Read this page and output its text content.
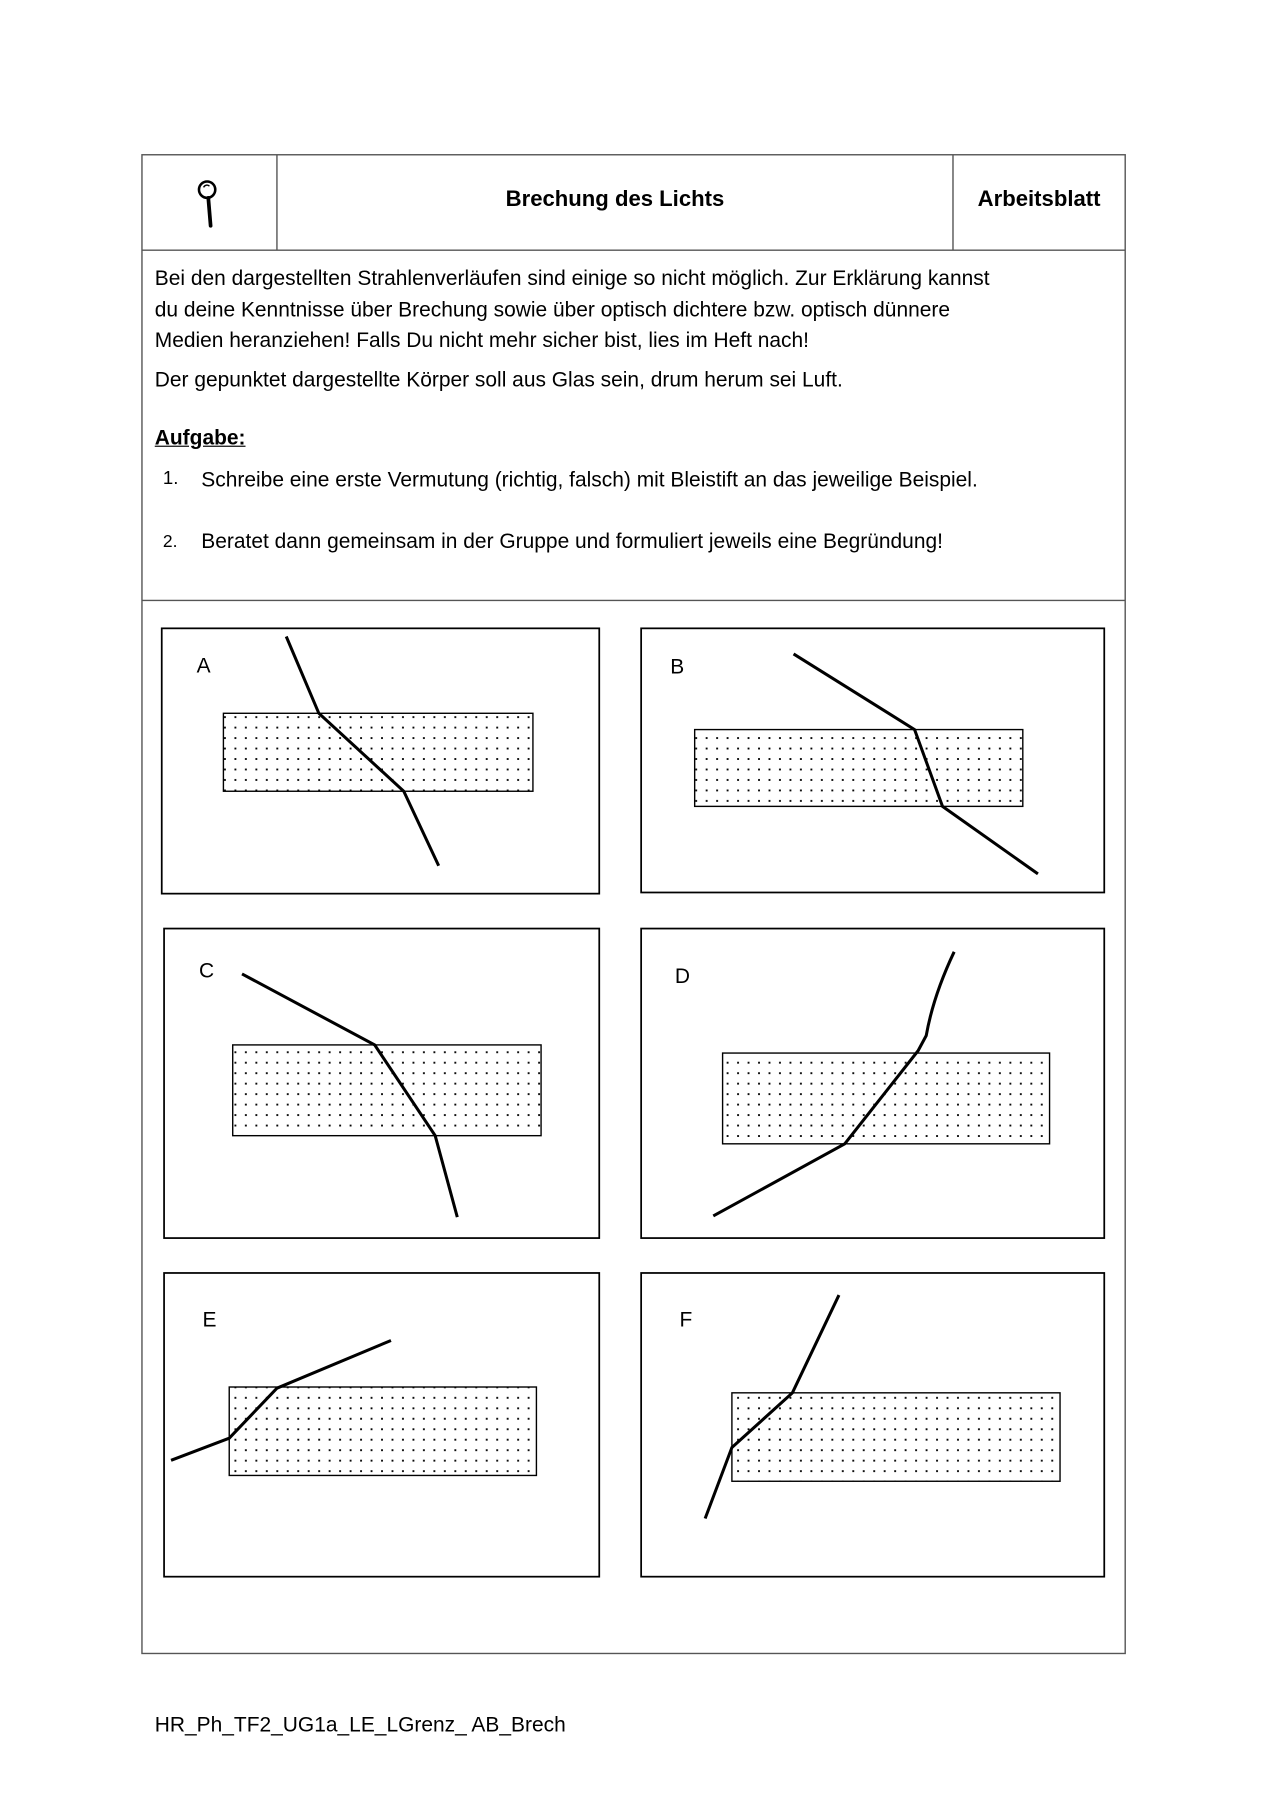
Brechung des Lichts	Arbeitsblatt
Bei den dargestellten Strahlenverläufen sind einige so nicht möglich. Zur Erklärung kannst
du deine Kenntnisse über Brechung sowie über optisch dichtere bzw. optisch dünnere
Medien heranziehen! Falls Du nicht mehr sicher bist, lies im Heft nach!
Der gepunktet dargestellte Körper soll aus Glas sein, drum herum sei Luft.
Aufgabe:
1. Schreibe eine erste Vermutung (richtig, falsch) mit Bleistift an das jeweilige Beispiel.
2. Beratet dann gemeinsam in der Gruppe und formuliert jeweils eine Begründung!
A	B
C	D
E	F
HR_Ph_TF2_UG1a_LE_LGrenz_ AB_Brech
